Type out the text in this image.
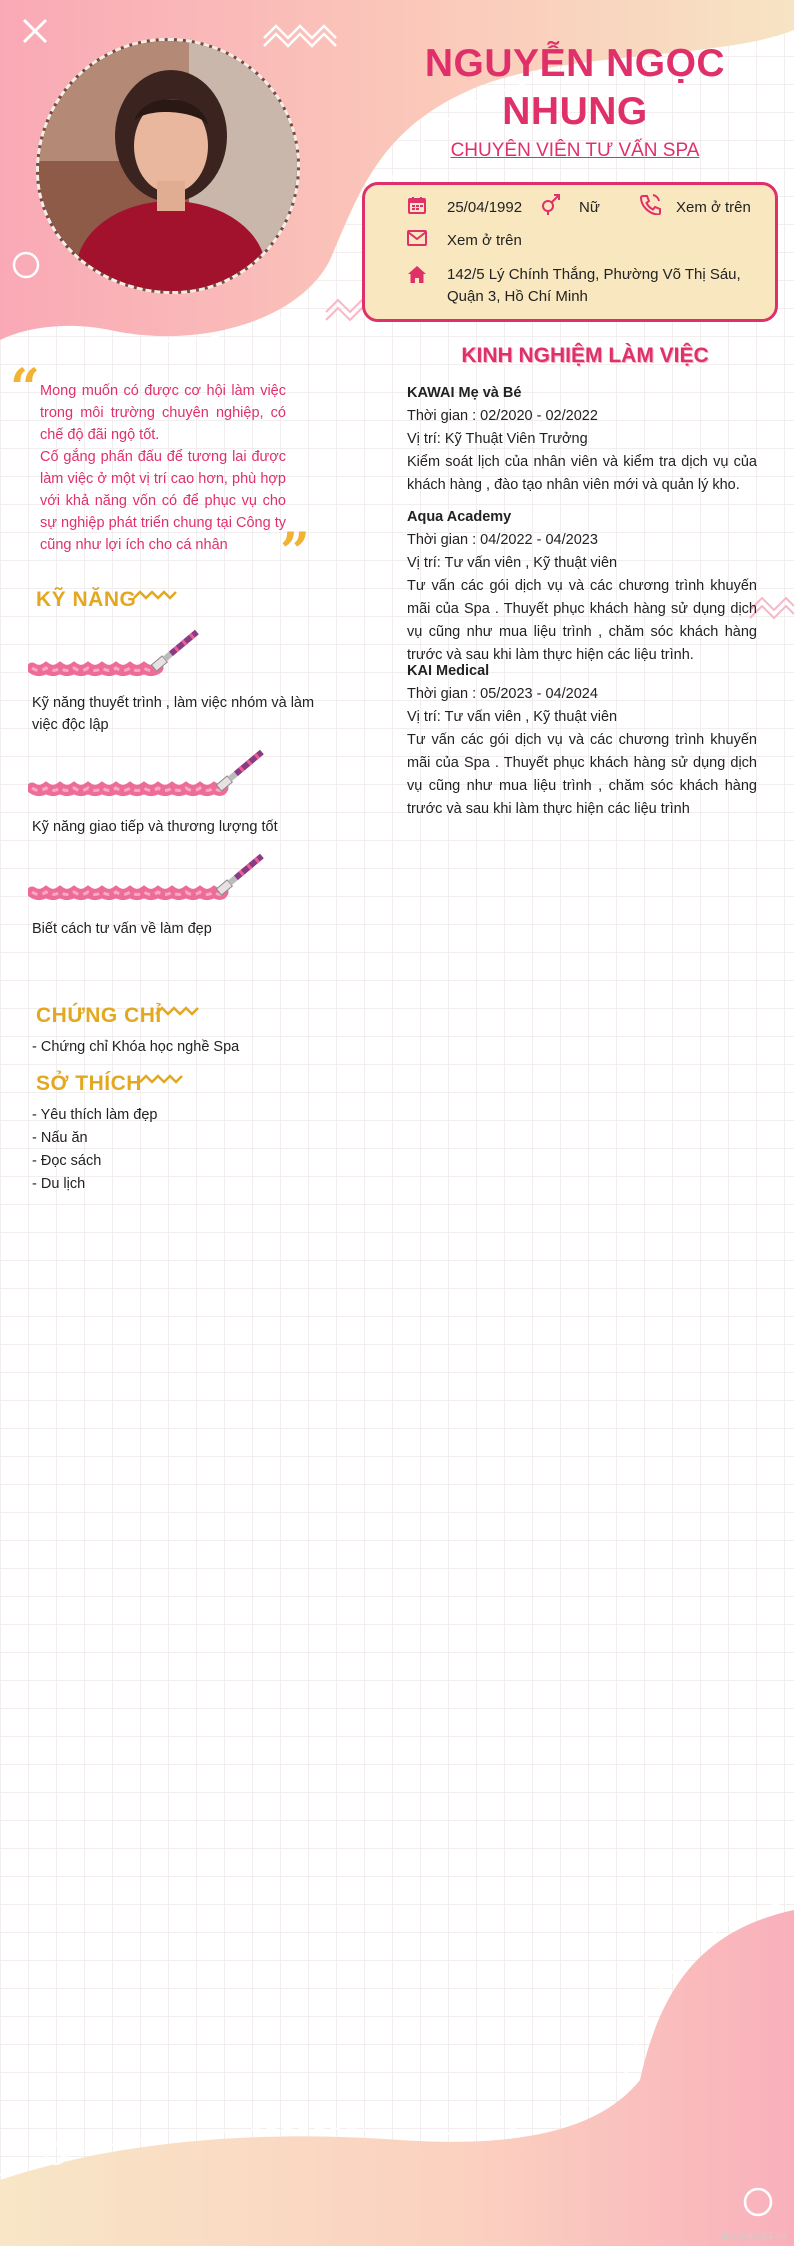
NGUYỄN NGỌC NHUNG
CHUYÊN VIÊN TƯ VẤN SPA
25/04/1992	Nữ	Xem ở trên
Xem ở trên
142/5 Lý Chính Thắng, Phường Võ Thị Sáu,
Quận 3, Hồ Chí Minh
“ Mong muốn có được cơ hội làm việc trong môi trường chuyên nghiệp, có chế độ đãi ngộ tốt.
Cố gắng phấn đấu để tương lai được làm việc ở một vị trí cao hơn, phù hợp với khả năng vốn có để phục vụ cho sự nghiệp phát triển chung tại Công ty cũng như lợi ích cho cá nhân	”
KỸ NĂNG
Kỹ năng thuyết trình , làm việc nhóm và làm việc độc lập
Kỹ năng giao tiếp và thương lượng tốt
Biết cách tư vấn về làm đẹp
CHỨNG CHỈ
- Chứng chỉ Khóa học nghề Spa
SỞ THÍCH
- Yêu thích làm đẹp
- Nấu ăn
- Đọc sách
- Du lịch
KINH NGHIỆM LÀM VIỆC
KAWAI Mẹ và Bé
Thời gian : 02/2020 - 02/2022
Vị trí: Kỹ Thuật Viên Trưởng
Kiểm soát lịch của nhân viên và kiểm tra dịch vụ của khách hàng , đào tạo nhân viên mới và quản lý kho.
Aqua Academy
Thời gian : 04/2022 - 04/2023
Vị trí: Tư vấn viên , Kỹ thuật viên
Tư vấn các gói dịch vụ và các chương trình khuyến mãi của Spa . Thuyết phục khách hàng sử dụng dịch vụ cũng như mua liệu trình , chăm sóc khách hàng trước và sau khi làm thực hiện các liệu trình.
KAI Medical
Thời gian : 05/2023 - 04/2024
Vị trí: Tư vấn viên , Kỹ thuật viên
Tư vấn các gói dịch vụ và các chương trình khuyến mãi của Spa . Thuyết phục khách hàng sử dụng dịch vụ cũng như mua liệu trình , chăm sóc khách hàng trước và sau khi làm thực hiện các liệu trình
dieutrap123.vn
